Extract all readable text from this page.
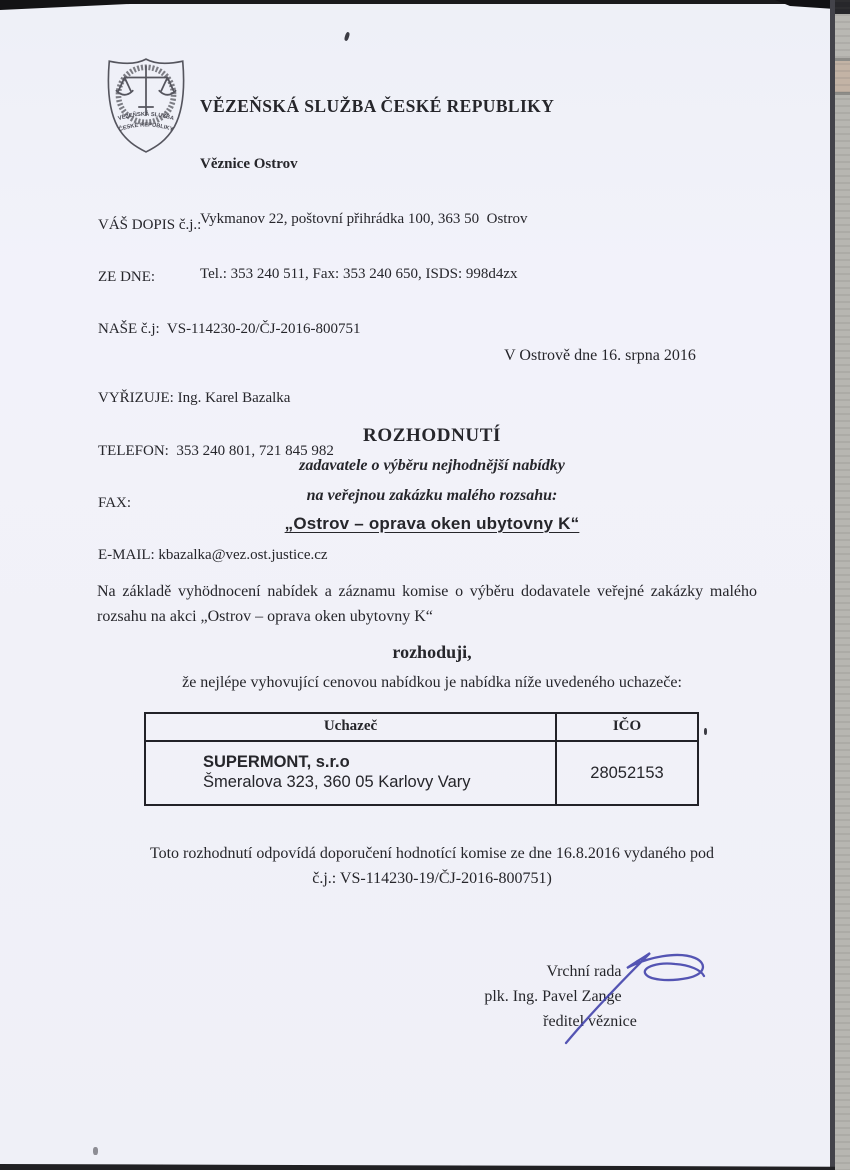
VĚZEŇSKÁ SLUŽBA
ČESKÉ REPUBLIKY

VĚZEŇSKÁ SLUŽBA ČESKÉ REPUBLIKY

Věznice Ostrov

Vykmanov 22, poštovní přihrádka 100, 363 50  Ostrov

Tel.: 353 240 511, Fax: 353 240 650, ISDS: 998d4zx

VÁŠ DOPIS č.j.:

ZE DNE:

NAŠE č.j:  VS-114230-20/ČJ-2016-800751

VYŘIZUJE: Ing. Karel Bazalka

TELEFON:  353 240 801, 721 845 982

FAX:

E-MAIL: kbazalka@vez.ost.justice.cz

V Ostrově dne 16. srpna 2016
ROZHODNUTÍ
zadavatele o výběru nejhodnější nabídky
na veřejnou zakázku malého rozsahu:
„Ostrov – oprava oken ubytovny K“

Na základě vyhödnocení nabídek a záznamu komise o výběru dodavatele veřejné zakázky malého rozsahu na akci „Ostrov – oprava oken ubytovny K“

rozhoduji,
že nejlépe vyhovující cenovou nabídkou je nabídka níže uvedeného uchazeče:
Uchazeč	IČO
SUPERMONT, s.r.o
Šmeralova 323, 360 05 Karlovy Vary
28052153
Toto rozhodnutí odpovídá doporučení hodnotící komise ze dne 16.8.2016 vydaného pod
č.j.: VS-114230-19/ČJ-2016-800751)
Vrchní rada
plk. Ing. Pavel Zange
ředitel věznice
